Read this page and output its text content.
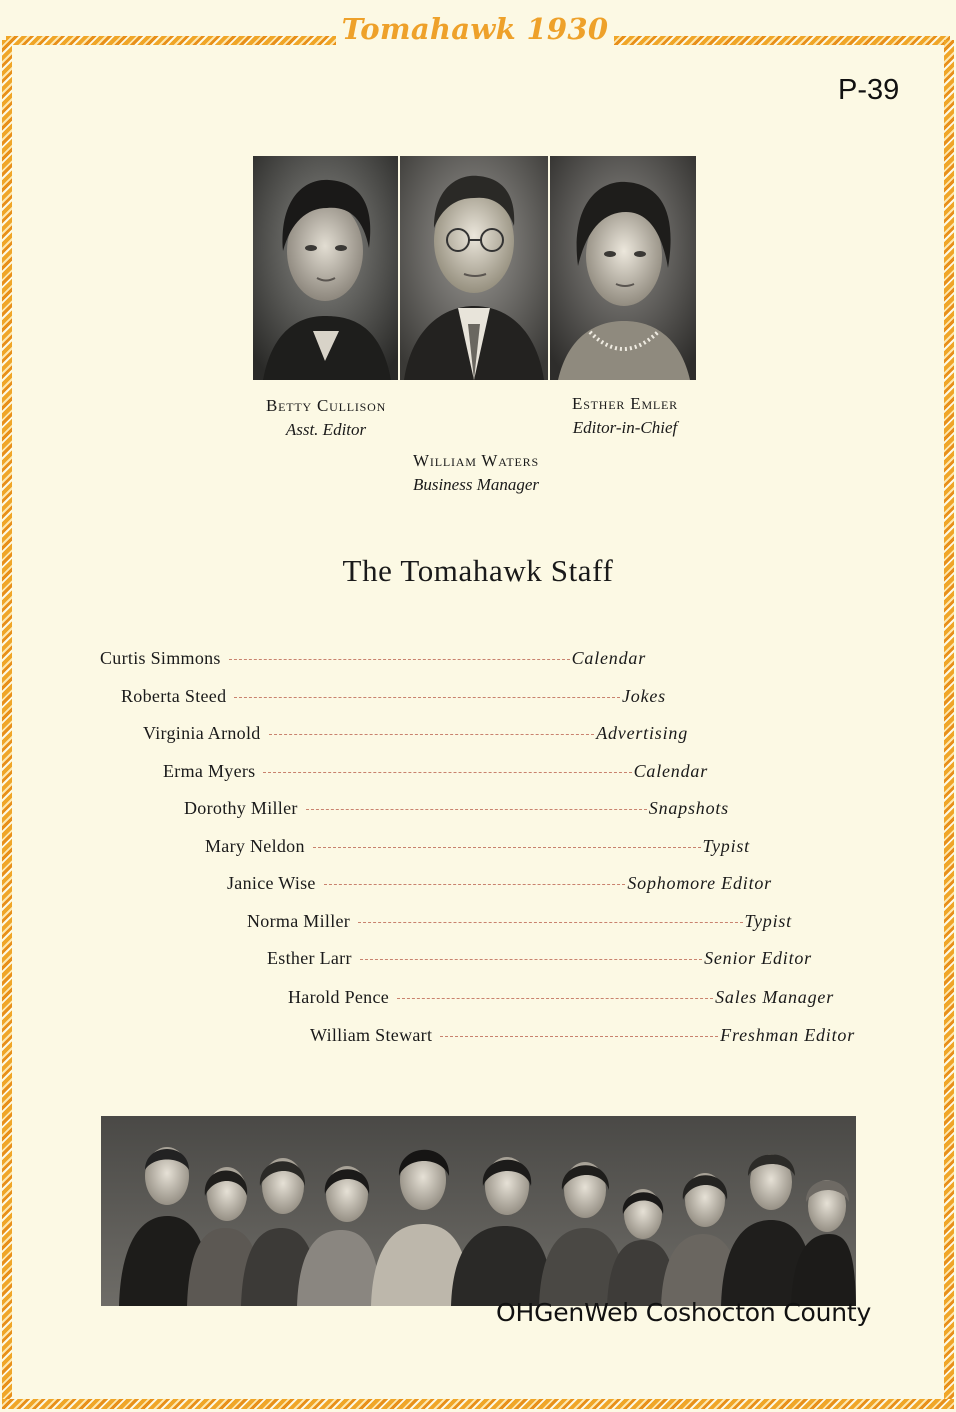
Tomahawk 1930
P-39
Betty Cullison
Asst. Editor
Esther Emler
Editor-in-Chief
William Waters
Business Manager
The Tomahawk Staff
Curtis Simmons	Calendar
Roberta Steed	Jokes
Virginia Arnold	Advertising
Erma Myers	Calendar
Dorothy Miller	Snapshots
Mary Neldon	Typist
Janice Wise	Sophomore Editor
Norma Miller	Typist
Esther Larr	Senior Editor
Harold Pence	Sales Manager
William Stewart	Freshman Editor
OHGenWeb Coshocton County
